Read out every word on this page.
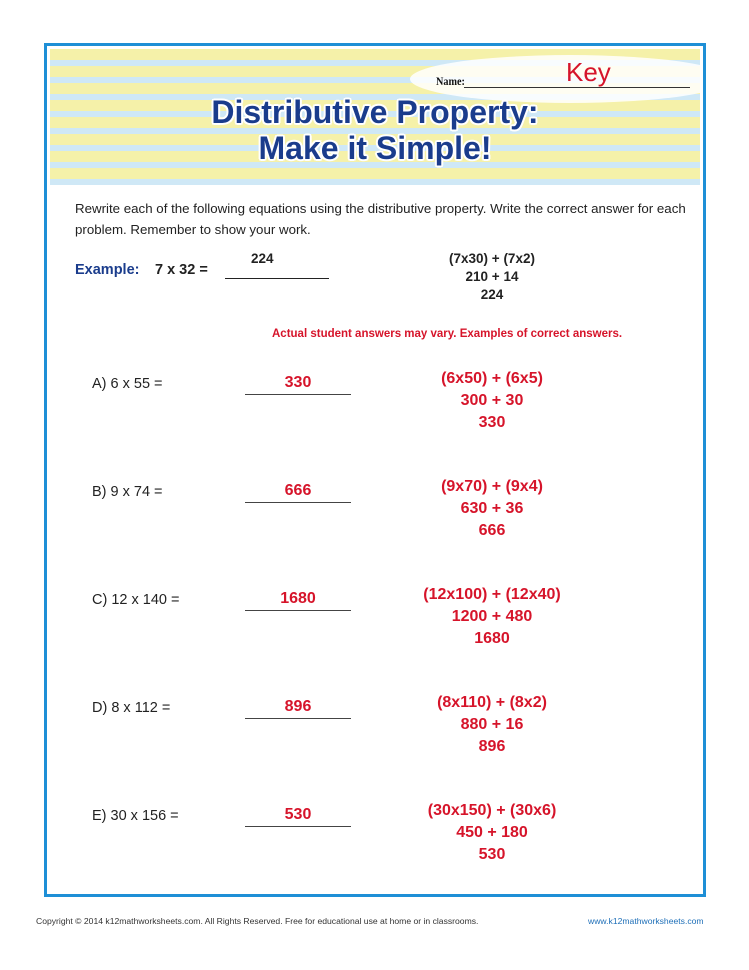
Name:	Key
Distributive Property:
Make it Simple!
Rewrite each of the following equations using the distributive property. Write the correct answer for each problem. Remember to show your work.
Example: 7 x 32 =
224	(7x30) + (7x2)
210 + 14
224
Actual student answers may vary. Examples of correct answers.
A) 6 x 55 =	330	(6x50) + (6x5)
300 + 30
330
B) 9 x 74 =	666	(9x70) + (9x4)
630 + 36
666
C) 12 x 140 =	1680	(12x100) + (12x40)
1200 + 480
1680
D) 8 x 112 =	896	(8x110) + (8x2)
880 + 16
896
E) 30 x 156 =	530	(30x150) + (30x6)
450 + 180
530
Copyright © 2014 k12mathworksheets.com. All Rights Reserved. Free for educational use at home or in classrooms.	www.k12mathworksheets.com
